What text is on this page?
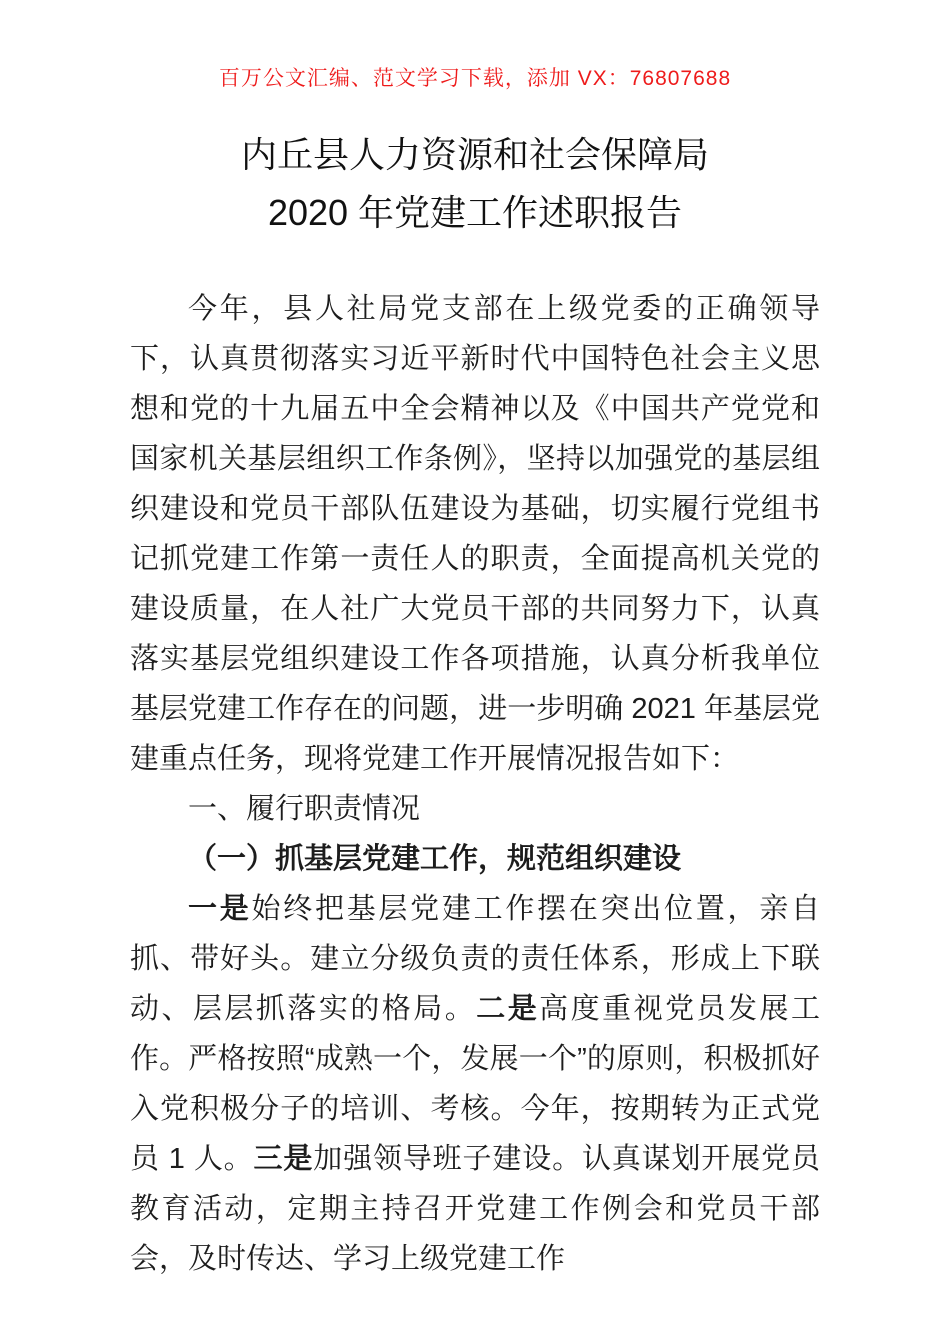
百万公文汇编、范文学习下载，添加 VX：76807688
内丘县人力资源和社会保障局
2020 年党建工作述职报告

今年，县人社局党支部在上级党委的正确领导下，认真贯彻落实习近平新时代中国特色社会主义思想和党的十九届五中全会精神以及《中国共产党党和国家机关基层组织工作条例》，坚持以加强党的基层组织建设和党员干部队伍建设为基础，切实履行党组书记抓党建工作第一责任人的职责，全面提高机关党的建设质量，在人社广大党员干部的共同努力下，认真落实基层党组织建设工作各项措施，认真分析我单位基层党建工作存在的问题，进一步明确 2021 年基层党建重点任务，现将党建工作开展情况报告如下：

一、履行职责情况

（一）抓基层党建工作，规范组织建设

一是始终把基层党建工作摆在突出位置，亲自抓、带好头。建立分级负责的责任体系，形成上下联动、层层抓落实的格局。二是高度重视党员发展工作。严格按照“成熟一个，发展一个”的原则，积极抓好入党积极分子的培训、考核。今年，按期转为正式党员 1 人。三是加强领导班子建设。认真谋划开展党员教育活动，定期主持召开党建工作例会和党员干部会，及时传达、学习上级党建工作
